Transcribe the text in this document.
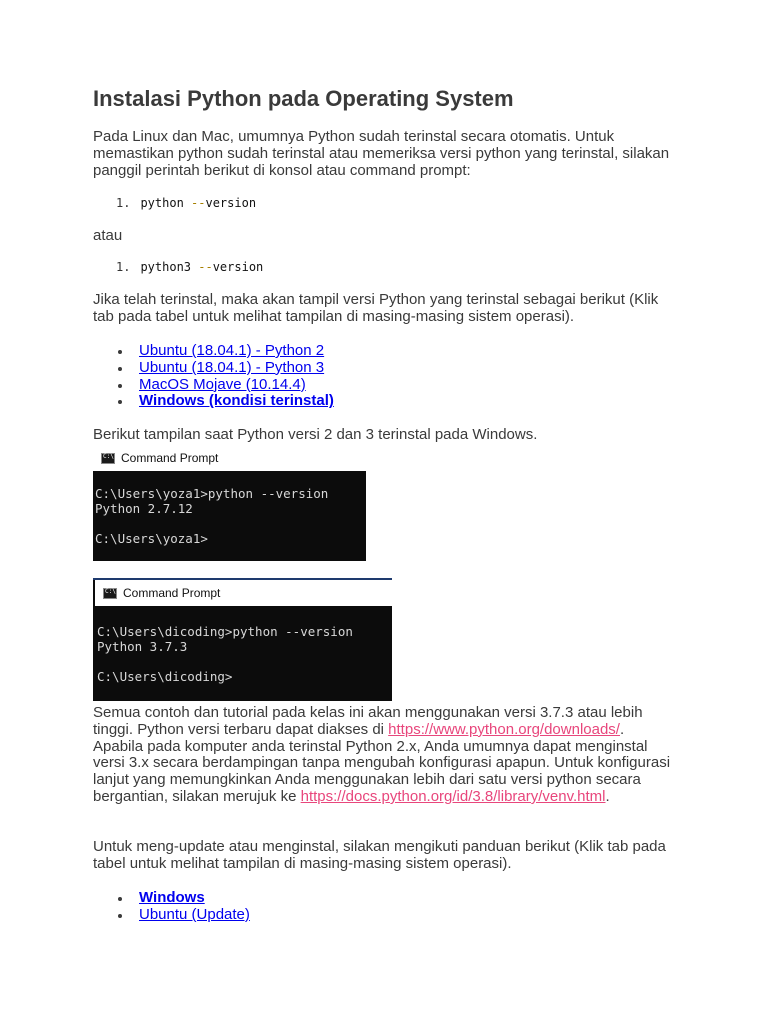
Instalasi Python pada Operating System

Pada Linux dan Mac, umumnya Python sudah terinstal secara otomatis. Untuk memastikan python sudah terinstal atau memeriksa versi python yang terinstal, silakan panggil perintah berikut di konsol atau command prompt:

1. python --version

atau

1. python3 --version

Jika telah terinstal, maka akan tampil versi Python yang terinstal sebagai berikut (Klik tab pada tabel untuk melihat tampilan di masing-masing sistem operasi).

Ubuntu (18.04.1) - Python 2
Ubuntu (18.04.1) - Python 3
MacOS Mojave (10.14.4)
Windows (kondisi terinstal)

Berikut tampilan saat Python versi 2 dan 3 terinstal pada Windows.

C:\
Command Prompt
C:\Users\yoza1>python --version
Python 2.7.12

C:\Users\yoza1>
C:\
Command Prompt
C:\Users\dicoding>python --version
Python 3.7.3

C:\Users\dicoding>

Semua contoh dan tutorial pada kelas ini akan menggunakan versi 3.7.3 atau lebih tinggi. Python versi terbaru dapat diakses di https://www.python.org/downloads/. Apabila pada komputer anda terinstal Python 2.x, Anda umumnya dapat menginstal versi 3.x secara berdampingan tanpa mengubah konfigurasi apapun. Untuk konfigurasi lanjut yang memungkinkan Anda menggunakan lebih dari satu versi python secara bergantian, silakan merujuk ke https://docs.python.org/id/3.8/library/venv.html.

Untuk meng-update atau menginstal, silakan mengikuti panduan berikut (Klik tab pada tabel untuk melihat tampilan di masing-masing sistem operasi).

Windows
Ubuntu (Update)
